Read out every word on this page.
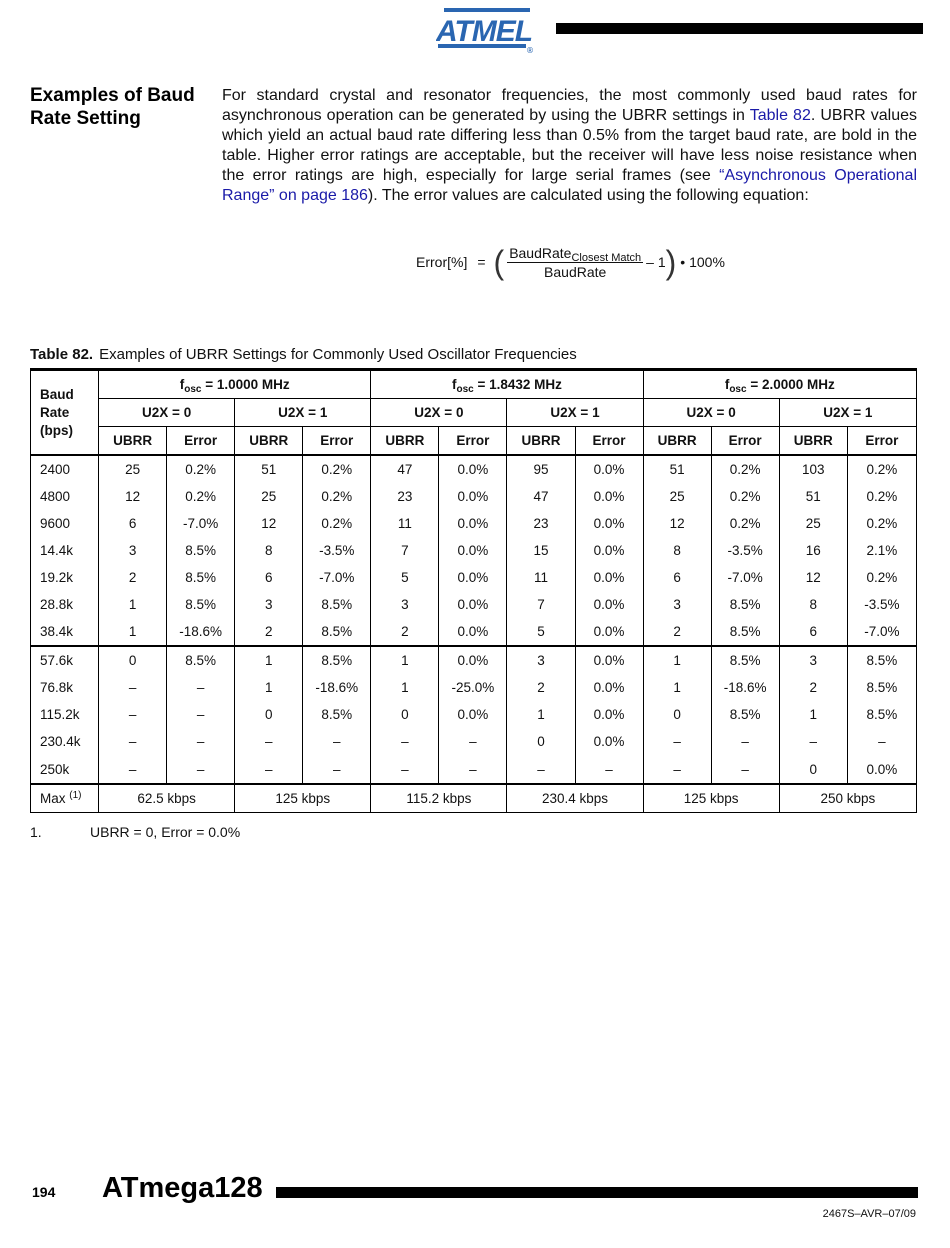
ATMEL
®
Examples of Baud Rate Setting

For standard crystal and resonator frequencies, the most commonly used baud rates for asynchronous operation can be generated by using the UBRR settings in Table 82. UBRR values which yield an actual baud rate differing less than 0.5% from the target baud rate, are bold in the table. Higher error ratings are acceptable, but the receiver will have less noise resistance when the error ratings are high, especially for large serial frames (see “Asynchronous Operational Range” on page 186). The error values are calculated using the following equation:

Error[%] = ( $\frac{BaudRate_{Closest Match}}{\text{BaudRate}} - 1$ ) • 100%
Table 82. Examples of UBRR Settings for Commonly Used Oscillator Frequencies
Baud Rate (bps)	$f_{osc} = 1.0000$ MHz				$f_{osc} = 1.8432$ MHz				$f_{osc} = 2.0000$ MHz			
	U2X = 0		U2X = 1		U2X = 0		U2X = 1		U2X = 0		U2X = 1	
	UBRR	Error	UBRR	Error	UBRR	Error	UBRR	Error	UBRR	Error	UBRR	Error
2400	25	0.2%	51	0.2%	47	0.0%	95	0.0%	51	0.2%	103	0.2%
4800	12	0.2%	25	0.2%	23	0.0%	47	0.0%	25	0.2%	51	0.2%
9600	6	-7.0%	12	0.2%	11	0.0%	23	0.0%	12	0.2%	25	0.2%
14.4k	3	8.5%	8	-3.5%	7	0.0%	15	0.0%	8	-3.5%	16	2.1%
19.2k	2	8.5%	6	-7.0%	5	0.0%	11	0.0%	6	-7.0%	12	0.2%
28.8k	1	8.5%	3	8.5%	3	0.0%	7	0.0%	3	8.5%	8	-3.5%
38.4k	1	-18.6%	2	8.5%	2	0.0%	5	0.0%	2	8.5%	6	-7.0%
57.6k	0	8.5%	1	8.5%	1	0.0%	3	0.0%	1	8.5%	3	8.5%
76.8k	–	–	1	-18.6%	1	-25.0%	2	0.0%	1	-18.6%	2	8.5%
115.2k	–	–	0	8.5%	0	0.0%	1	0.0%	0	8.5%	1	8.5%
230.4k	–	–	–	–	–	–	0	0.0%	–	–	–	–
250k	–	–	–	–	–	–	–	–	–	–	0	0.0%
Max $^{(1)}$	62.5 kbps		125 kbps		115.2 kbps		230.4 kbps		125 kbps		250 kbps	
1.	UBRR = 0, Error = 0.0%
194 ATmega128
2467S–AVR–07/09
